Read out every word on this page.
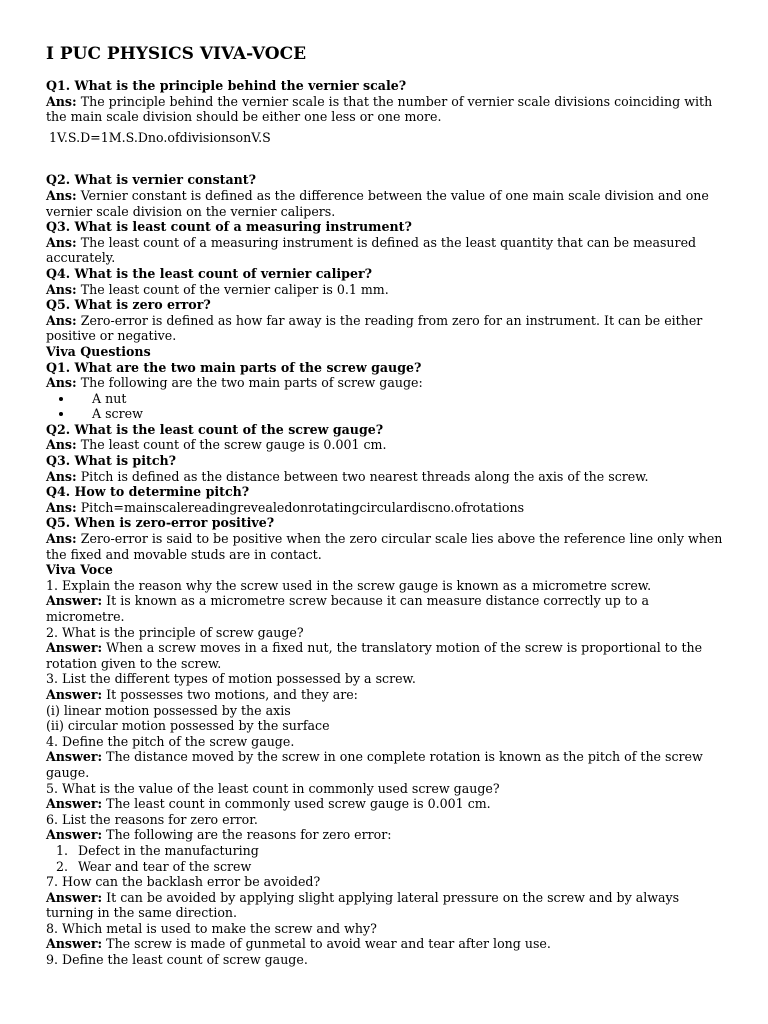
I PUC PHYSICS VIVA-VOCE
Q1. What is the principle behind the vernier scale?
Ans: The principle behind the vernier scale is that the number of vernier scale divisions coinciding with the main scale division should be either one less or one more.
1V.S.D=1M.S.Dno.ofdivisionsonV.S
Q2. What is vernier constant?
Ans: Vernier constant is defined as the difference between the value of one main scale division and one vernier scale division on the vernier calipers.
Q3. What is least count of a measuring instrument?
Ans: The least count of a measuring instrument is defined as the least quantity that can be measured accurately.
Q4. What is the least count of vernier caliper?
Ans: The least count of the vernier caliper is 0.1 mm.
Q5. What is zero error?
Ans: Zero-error is defined as how far away is the reading from zero for an instrument. It can be either positive or negative.
Viva Questions
Q1. What are the two main parts of the screw gauge?
Ans: The following are the two main parts of screw gauge:
• A nut
• A screw
Q2. What is the least count of the screw gauge?
Ans: The least count of the screw gauge is 0.001 cm.
Q3. What is pitch?
Ans: Pitch is defined as the distance between two nearest threads along the axis of the screw.
Q4. How to determine pitch?
Ans: Pitch=mainscalereadingrevealedonrotatingcirculardiscno.ofrotations
Q5. When is zero-error positive?
Ans: Zero-error is said to be positive when the zero circular scale lies above the reference line only when the fixed and movable studs are in contact.
Viva Voce
1. Explain the reason why the screw used in the screw gauge is known as a micrometre screw.
Answer: It is known as a micrometre screw because it can measure distance correctly up to a micrometre.
2. What is the principle of screw gauge?
Answer: When a screw moves in a fixed nut, the translatory motion of the screw is proportional to the rotation given to the screw.
3. List the different types of motion possessed by a screw.
Answer: It possesses two motions, and they are:
(i) linear motion possessed by the axis
(ii) circular motion possessed by the surface
4. Define the pitch of the screw gauge.
Answer: The distance moved by the screw in one complete rotation is known as the pitch of the screw gauge.
5. What is the value of the least count in commonly used screw gauge?
Answer: The least count in commonly used screw gauge is 0.001 cm.
6. List the reasons for zero error.
Answer: The following are the reasons for zero error:
1. Defect in the manufacturing
2. Wear and tear of the screw
7. How can the backlash error be avoided?
Answer: It can be avoided by applying slight applying lateral pressure on the screw and by always turning in the same direction.
8. Which metal is used to make the screw and why?
Answer: The screw is made of gunmetal to avoid wear and tear after long use.
9. Define the least count of screw gauge.
